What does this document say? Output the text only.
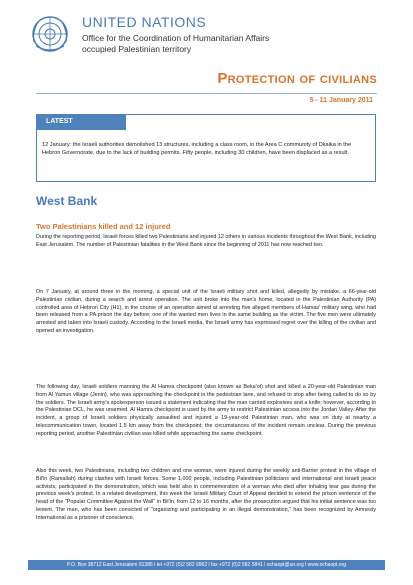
UNITED NATIONS
Office for the Coordination of Humanitarian Affairs
occupied Palestinian territory
Protection of civilians
5 - 11 January 2011
LATEST DEVELOPMENT
12 January: the Israeli authorities demolished 13 structures, including a class room, in the Area C community of Dkaika in the Hebron Governorate, due to the lack of building permits. Fifty people, including 30 children, have been displaced as a result.
West Bank
Two Palestinians killed and 12 injured
During the reporting period, Israeli forces killed two Palestinians and injured 12 others in various incidents throughout the West Bank, including East Jerusalem. The number of Palestinian fatalities in the West Bank since the beginning of 2011 has now reached two.
On 7 January, at around three in the morning, a special unit of the Israeli military shot and killed, allegedly by mistake, a 66-year-old Palestinian civilian, during a search and arrest operation. The unit broke into the man's home, located in the Palestinian Authority (PA) controlled area of Hebron City (H1), in the course of an operation aimed at arresting five alleged members of Hamas' military wing, who had been released from a PA prison the day before; one of the wanted men lives in the same building as the victim. The five men were ultimately arrested and taken into Israeli custody. According to the Israeli media, the Israeli army has expressed regret over the killing of the civilian and opened an investigation.
The following day, Israeli soldiers manning the Al Hamra checkpoint (also known as Beka'ot) shot and killed a 20-year-old Palestinian man from Al Yamun village (Jenin), who was approaching the checkpoint in the pedestrian lane, and refused to stop after being called to do so by the soldiers. The Israeli army's spokesperson issued a statement indicating that the man carried explosives and a knife; however, according to the Palestinian DCL, he was unarmed. Al Hamra checkpoint is used by the army to restrict Palestinian access into the Jordan Valley. After the incident, a group of Israeli soldiers physically assaulted and injured a 19-year-old Palestinian man, who was on duty at nearby a telecommunication tower, located 1.5 km away from the checkpoint; the circumstances of the incident remain unclear. During the previous reporting period, another Palestinian civilian was killed while approaching the same checkpoint.
Also this week, two Palestinians, including two children and one woman, were injured during the weekly anti-Barrier protest in the village of Bil'in (Ramallah) during clashes with Israeli forces. Some 1,000 people, including Palestinian politicians and international and Israeli peace activists, participated in the demonstration, which was held also in commemoration of a woman who died after inhaling tear gas during the previous week's protest. In a related development, this week the Israeli Military Court of Appeal decided to extend the prison sentence of the head of the "Popular Committee Against the Wall" in Bil'in, from 12 to 16 months, after the prosecution argued that his initial sentence was too lenient. The man, who has been convicted of "organizing and participating in an illegal demonstration," has been recognized by Amnesty International as a prisoner of conscience.
P.O. Box 38712 East Jerusalem 91386 l tel +972 (0)2 582 9962 l fax +972 (0)2 582 5841 l ochaopt@un.org l www.ochaopt.org
